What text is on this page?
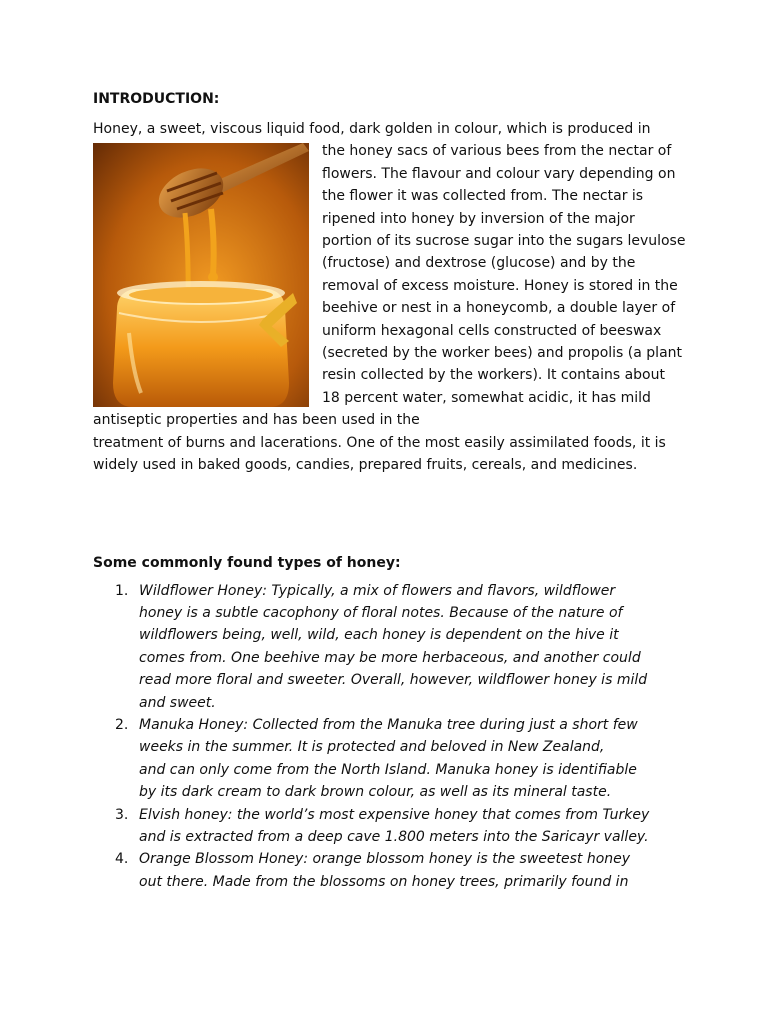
INTRODUCTION:
Honey, a sweet, viscous liquid food, dark golden in colour, which is produced in
the honey sacs of various bees from the nectar of
flowers. The flavour and colour vary depending on
the flower it was collected from. The nectar is
ripened into honey by inversion of the major
portion of its sucrose sugar into the sugars levulose
(fructose) and dextrose (glucose) and by the
removal of excess moisture. Honey is stored in the
beehive or nest in a honeycomb, a double layer of
uniform hexagonal cells constructed of beeswax
(secreted by the worker bees) and propolis (a plant
resin collected by the workers). It contains about
18 percent water, somewhat acidic, it has mild
antiseptic properties and has been used in the
treatment of burns and lacerations. One of the most easily assimilated foods, it is
widely used in baked goods, candies, prepared fruits, cereals, and medicines.
Some commonly found types of honey:
1. Wildflower Honey: Typically, a mix of flowers and flavors, wildflower
honey is a subtle cacophony of floral notes. Because of the nature of
wildflowers being, well, wild, each honey is dependent on the hive it
comes from. One beehive may be more herbaceous, and another could
read more floral and sweeter. Overall, however, wildflower honey is mild
and sweet.
2. Manuka Honey: Collected from the Manuka tree during just a short few
weeks in the summer. It is protected and beloved in New Zealand,
and can only come from the North Island. Manuka honey is identifiable
by its dark cream to dark brown colour, as well as its mineral taste.
3. Elvish honey: the world’s most expensive honey that comes from Turkey
and is extracted from a deep cave 1.800 meters into the Saricayr valley.
4. Orange Blossom Honey: orange blossom honey is the sweetest honey
out there. Made from the blossoms on honey trees, primarily found in
